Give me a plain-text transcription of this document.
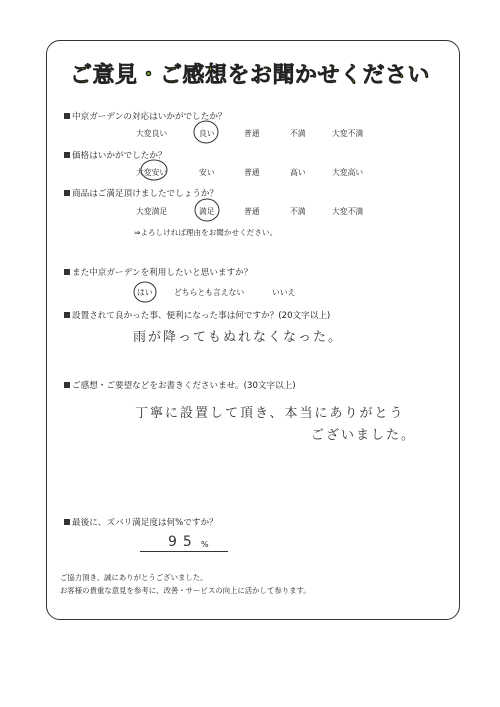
ご意見・ご感想をお聞かせください
中京ガーデンの対応はいかがでしたか？
大変良い	良い	普通	不満	大変不満
価格はいかがでしたか？
大変安い	安い	普通	高い	大変高い
商品はご満足頂けましたでしょうか？
大変満足	満足	普通	不満	大変不満
⇒よろしければ理由をお聞かせください。
また中京ガーデンを利用したいと思いますか？
はい	どちらとも言えない	いいえ
設置されて良かった事、便利になった事は何ですか？(20文字以上)
雨が降ってもぬれなくなった。
ご感想・ご要望などをお書きくださいませ。(30文字以上)
丁寧に設置して頂き、本当にありがとう
ございました。
最後に、ズバリ満足度は何%ですか？
95 %
ご協力頂き、誠にありがとうございました。
お客様の貴重な意見を参考に、改善・サービスの向上に活かして参ります。
